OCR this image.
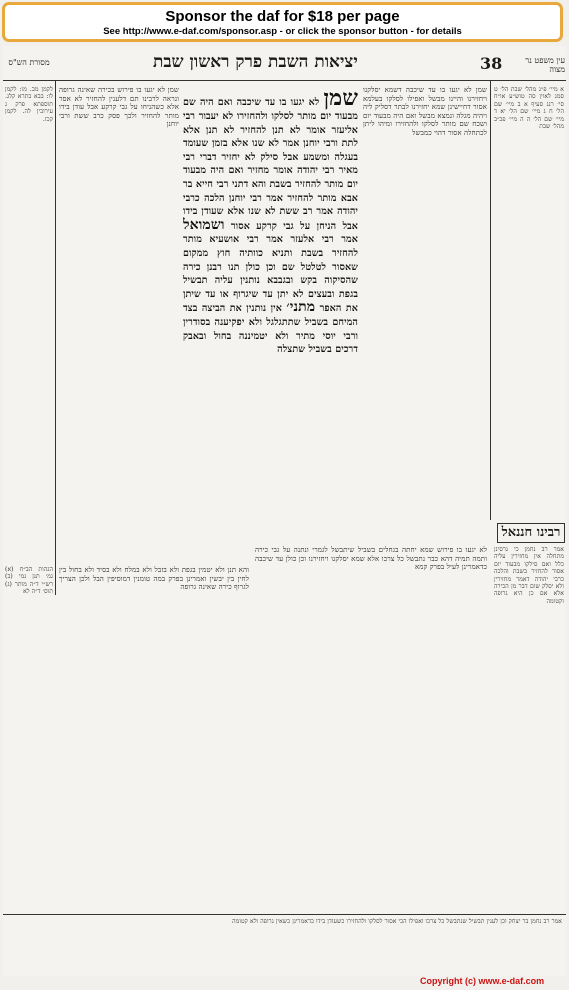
Sponsor the daf for $18 per page
See http://www.e-daf.com/sponsor.asp - or click the sponsor button - for details
מסורת הש"ס	יציאות השבת פרק ראשון שבת	38	עין משפט נר מצוה
לקמן מב. מו: לקמן לו: בבא בתרא קלג. תוספתא פרק ג עירובין לה. לקמן קכז.
הגהות הב״ח (א) גמ׳ תנן נמי (ב) רש״י ד״ה מותר (ג) תוס׳ ד״ה לא
שמן לא יגעו בו פירוש בכירה שאינה גרופה ונראה לרבינו תם דלענין להחזיר לא אסר אלא כשהניחו על גבי קרקע אבל עודן בידו מותר להחזיר ולכך פסק כרב ששת ורבי יוחנן
שמן לא יגעו בו עד שיכבה ואם היה שם מבעוד יום מותר לסלקו ולהחזירו לא יעבור רבי אליעזר אומר לא תנן להחזיר לא תנן אלא לתת ורבי יוחנן אמר לא שנו אלא בזמן שעומד בעגלה ומשמע אבל סילק לא יחזיר דברי רבי מאיר רבי יהודה אומר מחזיר ואם היה מבעוד יום מותר להחזיר בשבת והא דתני רבי חייא בר אבא מותר להחזיר אמר רבי יוחנן הלכה כרבי יהודה אמר רב ששת לא שנו אלא שעודן בידו אבל הניחן על גבי קרקע אסור ושמואל אמר רבי אלעזר אמר רבי אושעיא מותר להחזיר בשבת ותניא כוותיה חוץ ממקום שאסור לטלטל שם וכן כולן תנו רבנן כירה שהסיקוה בקש ובגבבא נותנין עליה תבשיל בגפת ובעצים לא יתן עד שיגרוף או עד שיתן את האפר מתני׳ אין נותנין את הביצה בצד המיחם בשביל שתתגלגל ולא יפקיענה בסודרין ורבי יוסי מתיר ולא יטמיננה בחול ובאבק דרכים בשביל שתצלה
שמן לא יגעו בו עד שיכבה דשמא יסלקנו ויחזירנו והיינו מבשל ואפילו לסלקו בעלמא אסור דחיישינן שמא יחזירנו לבתר דסליק ליה ויהיה מגלה ונמצא מבשל ואם היה מבעוד יום ושכח שם מותר לסלקו ולהחזירו ומיהו ליתן לכתחלה אסור דהוי כמבשל
א מיי׳ פ״ג מהל׳ שבת הל׳ ט סמג לאוין סה טוש״ע או״ח סי׳ רנג סעיף א ב מיי׳ שם הל׳ ח ג מיי׳ שם הל׳ יא ד מיי׳ שם הל׳ ה ה מיי׳ פכ״ב מהל׳ שבת
והא תנן ולא יטמין בגפת ולא בזבל ולא במלח ולא בסיד ולא בחול בין לחין בין יבשין ואמרינן בפרק במה טומנין דמוסיפין הבל ולכן הצריך לגרוף כירה שאינה גרופה
לא יגעו בו פירוש שמא יחתה בגחלים בשביל שיתבשל לגמרי ונתנה על גבי כירה ותמה תמיה דהא כבר נתבשל כל צרכו אלא שמא יסלקנו ויחזירנו וכן כולן עד שיכבה כדאמרינן לעיל בפרק קמא
רבינו חננאל
אמר רב נחמן כי גרסינן מתחלה אין מחזירין עליה כלל ואם סילקו מבעוד יום אסור להחזיר בשבת והלכה כרבי יהודה דאמר מחזירין ולא יסלק שום דבר מן הכירה אלא אם כן היא גרופה וקטומה
אמר רב נחמן בר יצחק וכן לענין תבשיל שנתבשל כל צרכו ואפילו הכי אסור לסלקו ולהחזירו כשעודן בידו כדאמרינן כשאין גרופה ולא קטומה
Copyright (c) www.e-daf.com
